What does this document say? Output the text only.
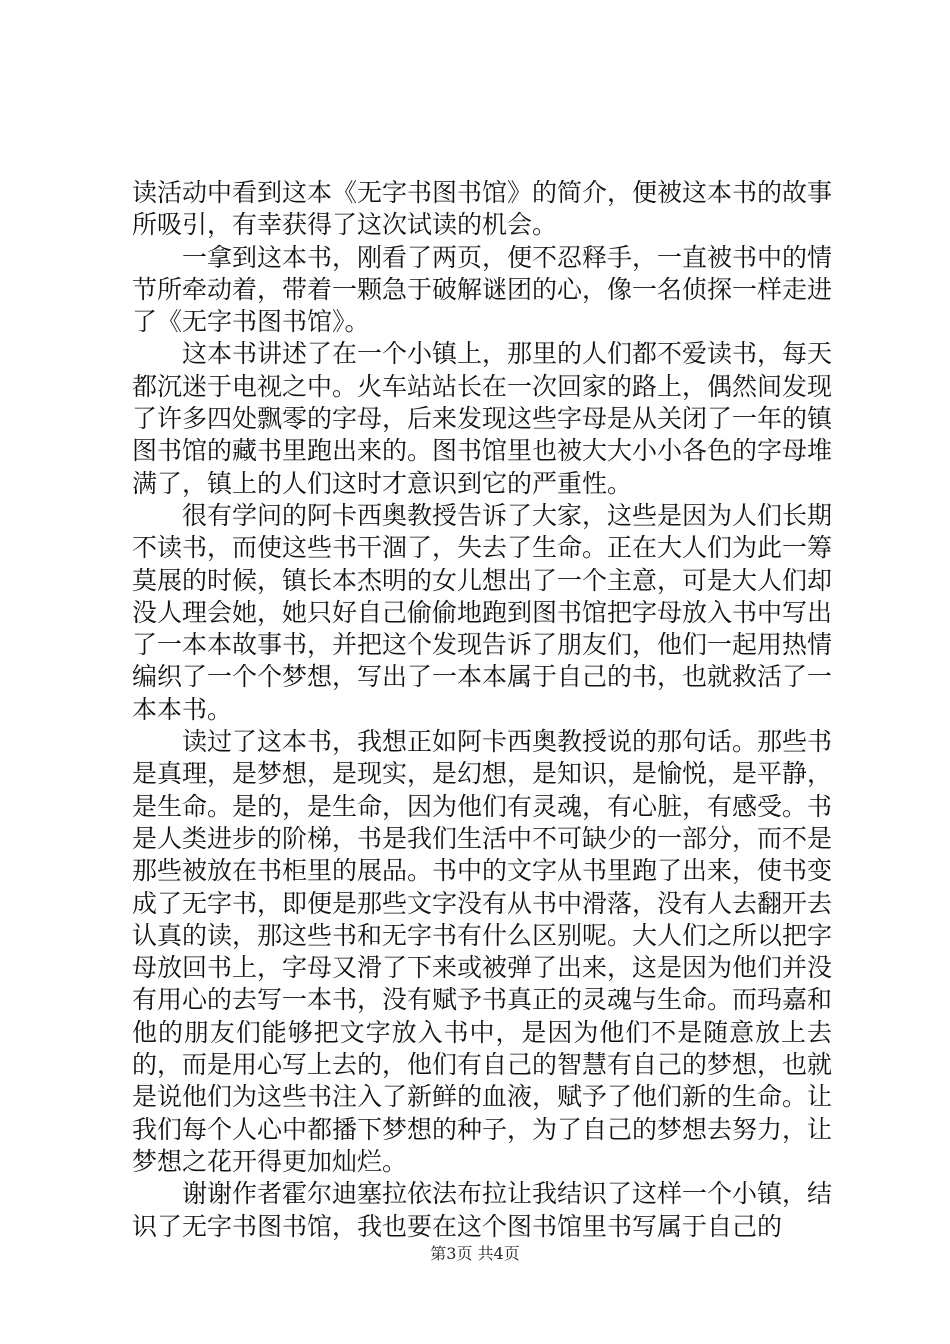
读活动中看到这本《无字书图书馆》的简介，便被这本书的故事所吸引，有幸获得了这次试读的机会。

一拿到这本书，刚看了两页，便不忍释手，一直被书中的情节所牵动着，带着一颗急于破解谜团的心，像一名侦探一样走进了《无字书图书馆》。

这本书讲述了在一个小镇上，那里的人们都不爱读书，每天都沉迷于电视之中。火车站站长在一次回家的路上，偶然间发现了许多四处飘零的字母，后来发现这些字母是从关闭了一年的镇图书馆的藏书里跑出来的。图书馆里也被大大小小各色的字母堆满了，镇上的人们这时才意识到它的严重性。

很有学问的阿卡西奥教授告诉了大家，这些是因为人们长期不读书，而使这些书干涸了，失去了生命。正在大人们为此一筹莫展的时候，镇长本杰明的女儿想出了一个主意，可是大人们却没人理会她，她只好自己偷偷地跑到图书馆把字母放入书中写出了一本本故事书，并把这个发现告诉了朋友们，他们一起用热情编织了一个个梦想，写出了一本本属于自己的书，也就救活了一本本书。

读过了这本书，我想正如阿卡西奥教授说的那句话。那些书是真理，是梦想，是现实，是幻想，是知识，是愉悦，是平静，是生命。是的，是生命，因为他们有灵魂，有心脏，有感受。书是人类进步的阶梯，书是我们生活中不可缺少的一部分，而不是那些被放在书柜里的展品。书中的文字从书里跑了出来，使书变成了无字书，即便是那些文字没有从书中滑落，没有人去翻开去认真的读，那这些书和无字书有什么区别呢。大人们之所以把字母放回书上，字母又滑了下来或被弹了出来，这是因为他们并没有用心的去写一本书，没有赋予书真正的灵魂与生命。而玛嘉和他的朋友们能够把文字放入书中，是因为他们不是随意放上去的，而是用心写上去的，他们有自己的智慧有自己的梦想，也就是说他们为这些书注入了新鲜的血液，赋予了他们新的生命。让我们每个人心中都播下梦想的种子，为了自己的梦想去努力，让梦想之花开得更加灿烂。

谢谢作者霍尔迪塞拉依法布拉让我结识了这样一个小镇，结识了无字书图书馆，我也要在这个图书馆里书写属于自己的

第3页 共4页
